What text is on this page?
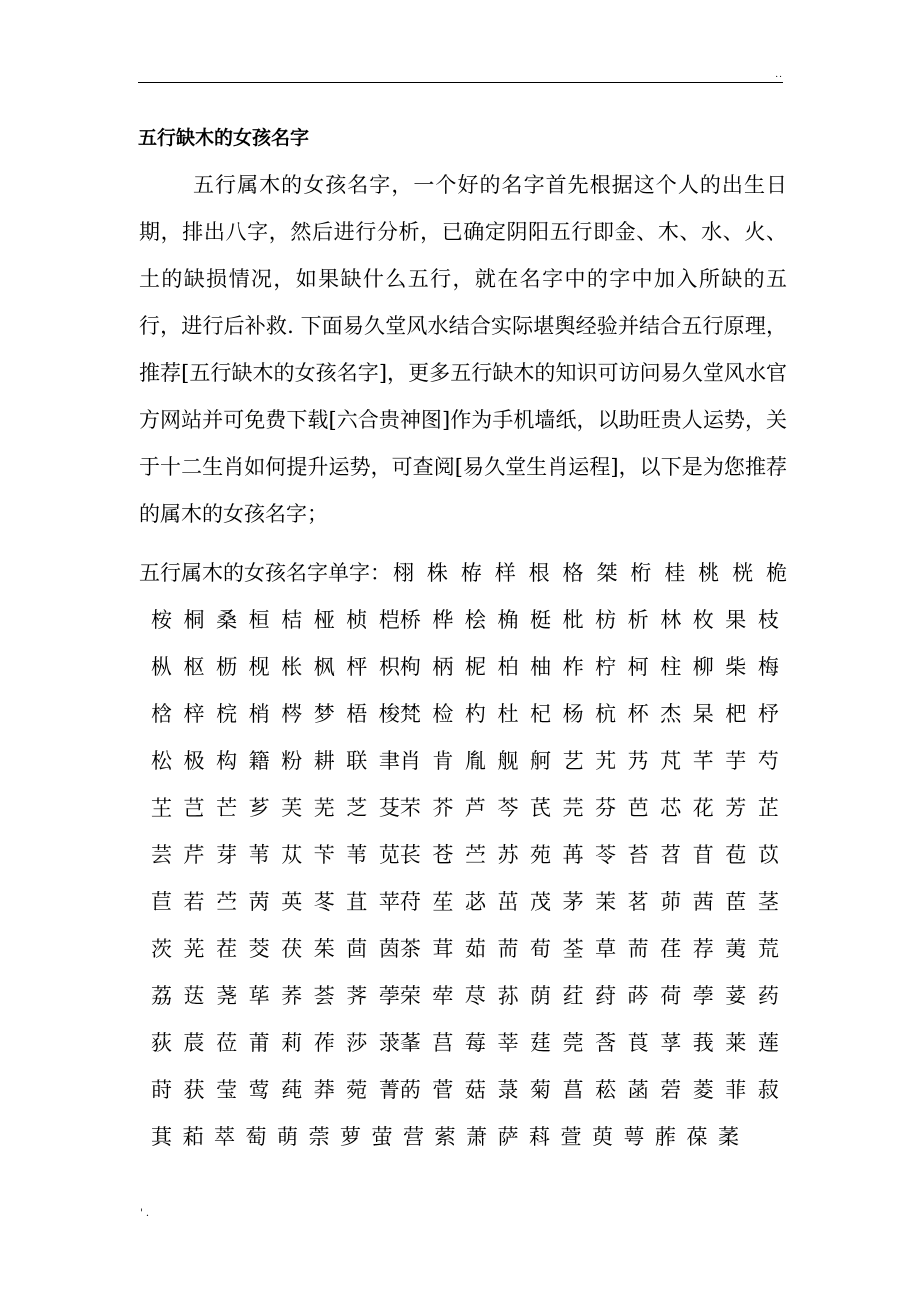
..
五行缺木的女孩名字

五行属木的女孩名字，一个好的名字首先根据这个人的出生日期，排出八字，然后进行分析，已确定阴阳五行即金、木、水、火、土的缺损情况，如果缺什么五行，就在名字中的字中加入所缺的五行，进行后补救. 下面易久堂风水结合实际堪舆经验并结合五行原理，推荐[五行缺木的女孩名字]，更多五行缺木的知识可访问易久堂风水官方网站并可免费下载[六合贵神图]作为手机墙纸，以助旺贵人运势，关于十二生肖如何提升运势，可查阅[易久堂生肖运程]，以下是为您推荐的属木的女孩名字；

五行属木的女孩名字单字： 栩 株 栫 样 根 格 桀 桁 桂 桃 桄 桅
桉 桐 桑 桓 桔 桠 桢 桤桥 桦 桧 桷 梃 枇 枋 析 林 枚 果 枝
枞 枢 枥 枧 枨 枫 枰 枳枸 柄 柅 柏 柚 柞 柠 柯 柱 柳 柴 梅
梒 梓 梡 梢 梣 梦 梧 梭梵 检 杓 杜 杞 杨 杭 杯 杰 杲 杷 杼
松 极 构 籍 粉 耕 联 聿肖 肯 胤 舰 舸 艺 艽 艿 芃 芊 芋 芍
芏 芑 芒 芗 芙 芜 芝 芟芣 芥 芦 芩 芪 芫 芬 芭 芯 花 芳 芷
芸 芹 芽 苇 苁 苄 苇 苋苌 苍 苎 苏 苑 苒 苓 苔 苕 苜 苞 苡
苣 若 苎 苪 英 苳 苴 苹苻 苼 苾 茁 茂 茅 茉 茗 茆 茜 茞 茎
茨 茪 茬 茭 茯 茱 茴 茵茶 茸 茹 荋 荀 荃 草 荋 荏 荐 荑 荒
荔 荙 荛 荜 荞 荟 荠 荸荣 荦 荩 荪 荫 荭 荮 荶 荷 荸 荽 药
荻 莀 莅 莆 莉 莋 莎 莍莑 莒 莓 莘 莛 莞 莟 莨 莩 莪 莱 莲
莳 获 莹 莺 莼 莽 菀 菁菂 菅 菇 菉 菊 菖 菘 菡 菪 菱 菲 菽
萁 萂 萃 萄 萌 萗 萝 萤 营 萦 萧 萨 萪 萱 萸 萼 葄 葆 葇
' .
